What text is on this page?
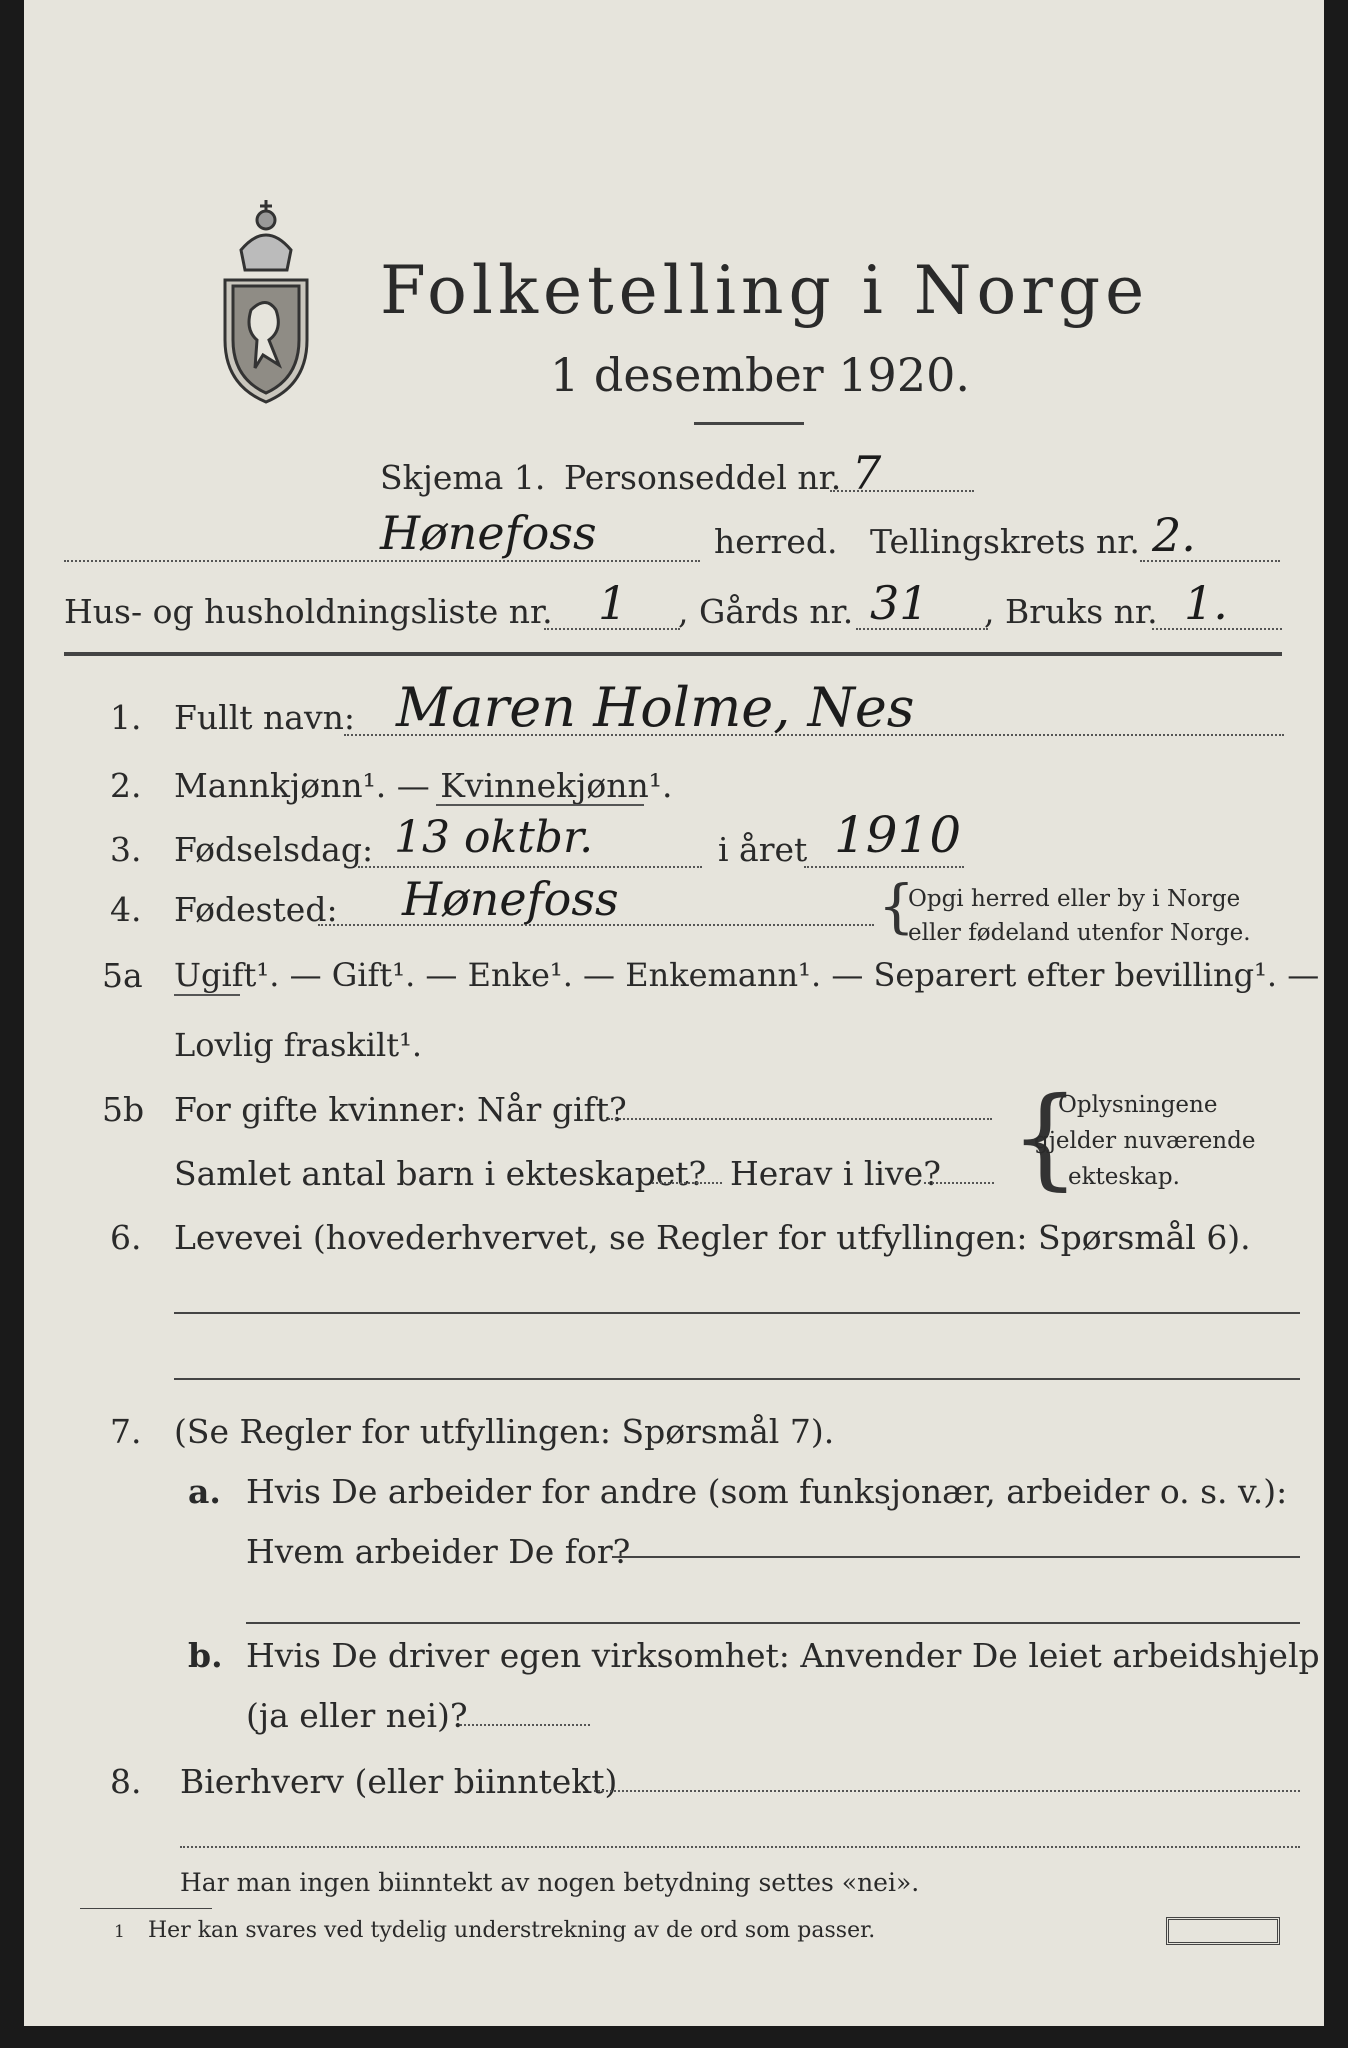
Folketelling i Norge
1 desember 1920.
Skjema 1. Personseddel nr. 7
Hønefoss	herred. Tellingskrets nr. 2.
Hus- og husholdningsliste nr. 1 , Gårds nr. 31 , Bruks nr. 1.
1. Fullt navn: Maren Holme, Nes
2. Mannkjønn¹. — Kvinnekjønn¹.
3. Fødselsdag: 13 oktbr.	i året 1910
4. Fødested: Hønefoss	{
Opgi herred eller by i Norge
eller fødeland utenfor Norge.
5a Ugift¹. — Gift¹. — Enke¹. — Enkemann¹. — Separert efter bevilling¹. —
Lovlig fraskilt¹.
5b For gifte kvinner: Når gift?
Samlet antal barn i ekteskapet? Herav i live? {
Oplysningene
gjelder nuværende
ekteskap.
6. Levevei (hovederhvervet, se Regler for utfyllingen: Spørsmål 6).
7. (Se Regler for utfyllingen: Spørsmål 7).
a. Hvis De arbeider for andre (som funksjonær, arbeider o. s. v.):
Hvem arbeider De for?
b. Hvis De driver egen virksomhet: Anvender De leiet arbeidshjelp
(ja eller nei)?
8. Bierhverv (eller biinntekt)
Har man ingen biinntekt av nogen betydning settes «nei».
1 Her kan svares ved tydelig understrekning av de ord som passer.
